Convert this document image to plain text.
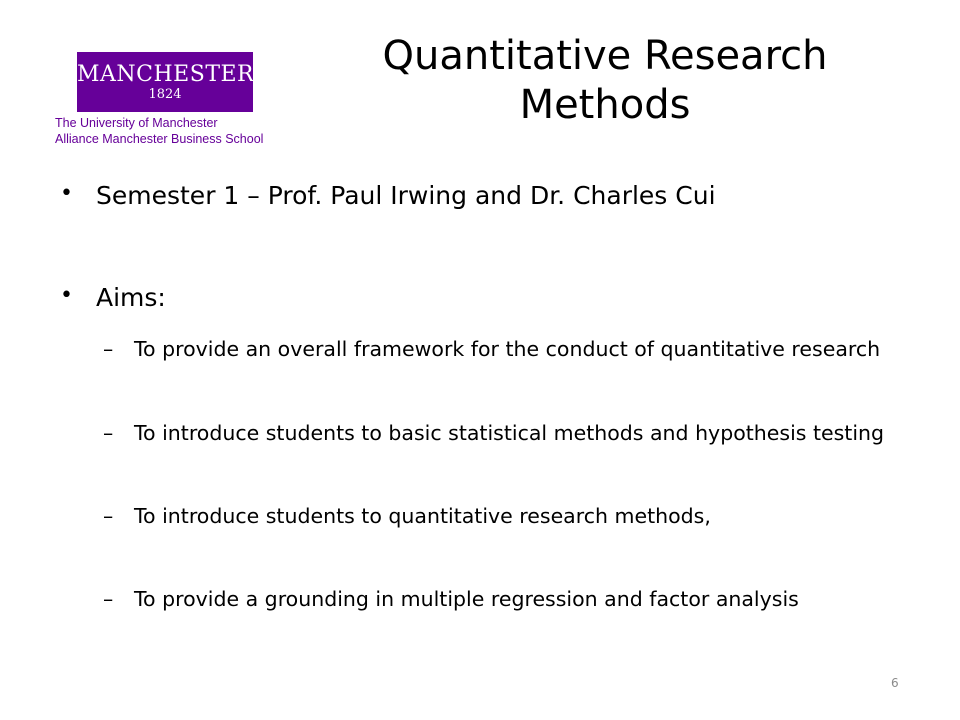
MANCHESTER
1824
The University of Manchester
Alliance Manchester Business School
Quantitative Research Methods
• Semester 1 – Prof. Paul Irwing and Dr. Charles Cui
• Aims:
– To provide an overall framework for the conduct of quantitative research
– To introduce students to basic statistical methods and hypothesis testing
– To introduce students to quantitative research methods,
– To provide a grounding in multiple regression and factor analysis
6
